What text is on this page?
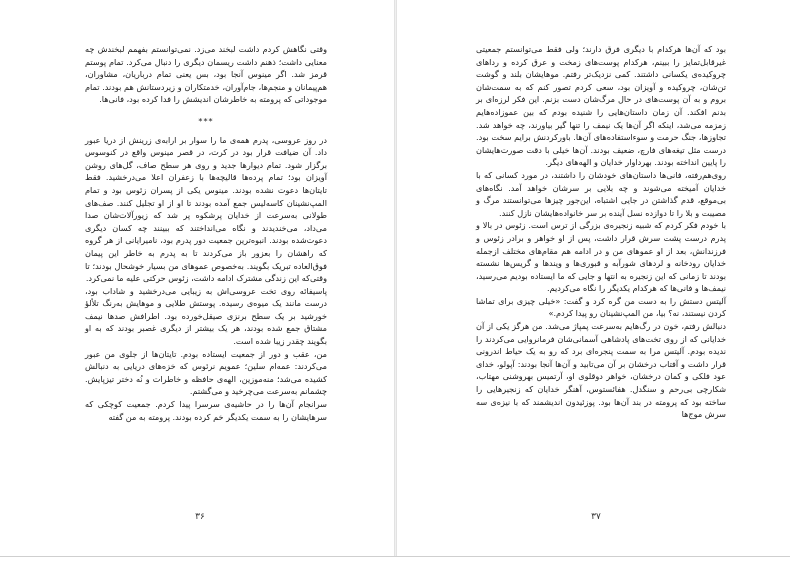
وقتی نگاهش کردم داشت لبخند می‌زد. نمی‌توانستم بفهمم لبخندش چه معنایی داشت؛ ذهنم داشت ریسمان دیگری را دنبال می‌کرد. تمام پوستم قرمز شد. اگر مینوس آنجا بود، بس یعنی تمام درباریان، مشاوران، هم‌پیمانان و منجم‌ها، جام‌آوران، خدمتکاران و زیردستانش هم بودند. تمام موجوداتی که پرومته به خاطرشان اندیشش را فدا کرده بود، فانی‌ها.

***

در روز عروسی، پدرم همه‌ی ما را سوار بر ارابه‌ی زرینش از دریا عبور داد. آن ضیافت قرار بود در کرت، در قصر مینوس واقع در کنوسوس برگزار شود. تمام دیوارها جدید و روی هر سطح صاف، گل‌های روشن آویزان بود؛ تمام پرده‌ها قالیچه‌ها با زعفران اعلا می‌درخشید. فقط تایتان‌ها دعوت نشده بودند. مینوس یکی از پسران زئوس بود و تمام المپ‌نشینان کاسه‌لیس جمع آمده بودند تا او از او تجلیل کنند. صف‌های طولانی به‌سرعت از خدایان پرشکوه پر شد که زیورآلات‌شان صدا می‌داد، می‌خندیدند و نگاه می‌انداختند که ببینند چه کسان دیگری دعوت‌شده بودند. انبوه‌ترین جمعیت دور پدرم بود، نامیرایانی از هر گروه که راهشان را بعزور باز می‌کردند تا به پدرم به خاطر این پیمان فوق‌العاده تبریک بگویند. به‌خصوص عموهای من بسیار خوشحال بودند؛ تا وقتی‌که این زندگی مشترک ادامه داشت، زئوس حرکتی علیه ما نمی‌کرد.

پاسیفائه روی تخت عروسی‌اش به زیبایی می‌درخشید و شاداب بود، درست مانند یک میوه‌ی رسیده. پوستش طلایی و موهایش به‌رنگ تلألؤ خورشید بر یک سطح برنزی صیقل‌خورده بود. اطرافش صدها نیمف مشتاق جمع شده بودند، هر یک بیشتر از دیگری غصبر بودند که به او بگویند چقدر زیبا شده است.

من، عقب و دور از جمعیت ایستاده بودم. تایتان‌ها از جلوی من عبور می‌کردند: عمه‌ام سلین؛ عمویم نرئوس که خزه‌های دریایی به دنبالش کشیده می‌شد؛ منه‌موزین، الهه‌ی حافظه و خاطرات و نُه دختر تیزپایش. چشمانم به‌سرعت می‌چرخید و می‌گشتم.

سرانجام آن‌ها را در حاشیه‌ی سرسرا پیدا کردم. جمعیت کوچکی که سرهایشان را به سمت یکدیگر خم کرده بودند. پرومته به من گفته

۳۶

بود که آن‌ها هرکدام با دیگری فرق دارند؛ ولی فقط می‌توانستم جمعیتی غیرقابل‌تمایز را ببینم، هرکدام پوست‌های زمخت و عرق کرده و ردا‌های چروکیده‌ی یکسانی داشتند. کمی نزدیک‌تر رفتم. موهایشان بلند و گوشت تن‌شان، چروکیده و آویزان بود، سعی کردم تصور کنم که به سمت‌شان بروم و به آن پوست‌های در حال مرگ‌شان دست بزنم. این فکر لرزه‌ای بر بدنم افکند. آن زمان داستان‌هایی را شنیده بودم که بین عموزاده‌هایم زمزمه می‌شد، اینکه اگر آن‌ها یک نیمف را تنها گیر بیاورند، چه خواهد شد. تجاوزها، جنگ حرمت و سوءاستفاده‌های آن‌ها. باورکردنش برایم سخت بود. درست مثل تیغه‌های فارچ، ضعیف بودند. آن‌ها خیلی با دقت صورت‌هایشان را پایین انداخته بودند. بهرداوار خدایان و الهه‌های دیگر.

روی‌هم‌رفته، فانی‌ها داستان‌های خودشان را داشتند، در مورد کسانی که با خدایان آمیخته می‌شوند و چه بلایی بر سرشان خواهد آمد. نگاه‌های بی‌موقع، قدم گذاشتن در جایی اشتباه، این‌جور چیزها می‌توانستند مرگ و مصیبت و بلا را تا دوازده نسل آینده بر سر خانواده‌هایشان نازل کنند.

با خودم فکر کردم که شبیه زنجیره‌ی بزرگی از ترس است. زئوس در بالا و پدرم درست پشت سرش قرار داشت، پس از او خواهر و برادر زئوس و فرزندانش، بعد از او عموهای من و در ادامه هم مقام‌های مختلف ازجمله خدایان رودخانه و لردهای شورآبه و قبوری‌ها و ویندها و گریس‌ها نشسته بودند تا زمانی که این زنجیره به انتها و جایی که ما ایستاده بودیم می‌رسید، نیمف‌ها و فانی‌ها که هرکدام یکدیگر را نگاه می‌کردیم.

آلیتس دستش را به دست من گره کرد و گفت: «خیلی چیزی برای تماشا کردن نیستند، نه؟ بیا، من المپ‌نشینان رو پیدا کردم.»

دنبالش رفتم، خون در رگ‌هایم به‌سرعت پمپاژ می‌شد. من هرگز یکی از آن خدایانی که از روی تخت‌های پادشاهی آسمانی‌شان فرمانروایی می‌کردند را ندیده بودم. آلیتس مرا به سمت پنجره‌ای برد که رو به یک حیاط اندرونی قرار داشت و آفتاب درخشان بر آن می‌تابید و آن‌ها آنجا بودند: آپولو، خدای عود فلکی و کمان درخشان، خواهر دوقلوی او، آرتمیس بهروشنی مهتاب، شکارچی بی‌رحم و سنگدل. هفائستوس، آهنگر خدایان که زنجیرهایی را ساخته بود که پرومته در بند آن‌ها بود. پوزئیدون اندیشمند که با نیزه‌ی سه سرش موج‌ها

۳۷
